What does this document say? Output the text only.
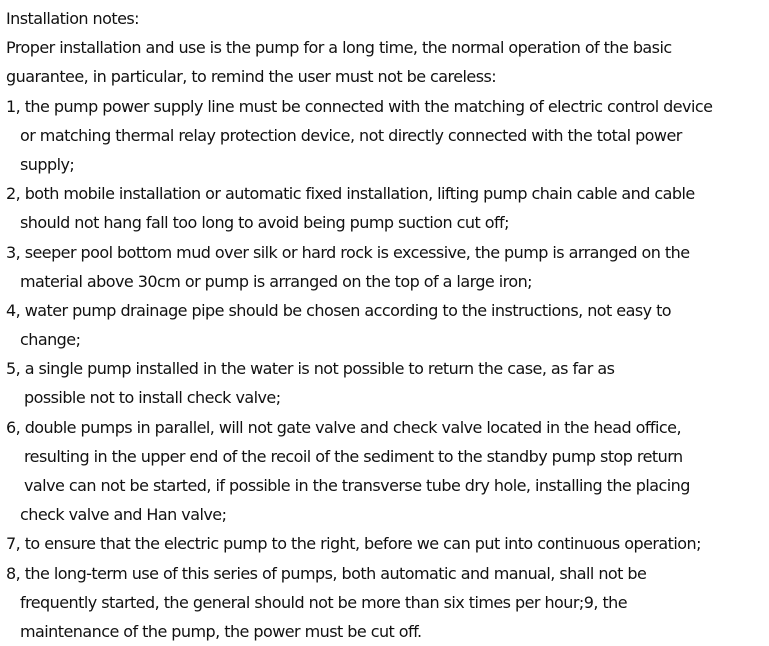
Installation notes:
Proper installation and use is the pump for a long time, the normal operation of the basic
guarantee, in particular, to remind the user must not be careless:
1, the pump power supply line must be connected with the matching of electric control device
or matching thermal relay protection device, not directly connected with the total power
supply;
2, both mobile installation or automatic fixed installation, lifting pump chain cable and cable
should not hang fall too long to avoid being pump suction cut off;
3, seeper pool bottom mud over silk or hard rock is excessive, the pump is arranged on the
material above 30cm or pump is arranged on the top of a large iron;
4, water pump drainage pipe should be chosen according to the instructions, not easy to
change;
5, a single pump installed in the water is not possible to return the case, as far as
possible not to install check valve;
6, double pumps in parallel, will not gate valve and check valve located in the head office,
resulting in the upper end of the recoil of the sediment to the standby pump stop return
valve can not be started, if possible in the transverse tube dry hole, installing the placing
check valve and Han valve;
7, to ensure that the electric pump to the right, before we can put into continuous operation;
8, the long-term use of this series of pumps, both automatic and manual, shall not be
frequently started, the general should not be more than six times per hour;9, the
maintenance of the pump, the power must be cut off.
